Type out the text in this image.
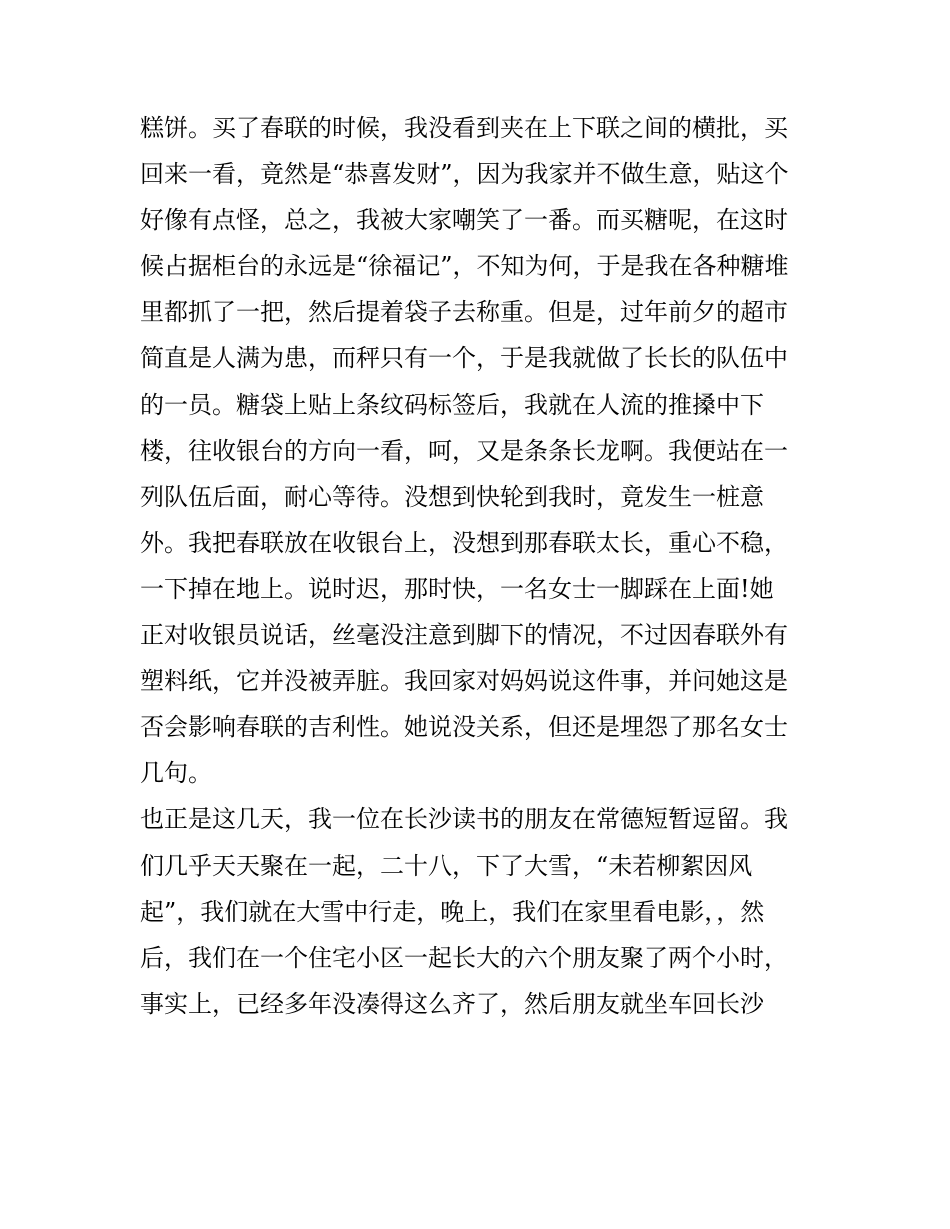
糕饼。买了春联的时候，我没看到夹在上下联之间的横批，买
回来一看，竟然是“恭喜发财”，因为我家并不做生意，贴这个
好像有点怪，总之，我被大家嘲笑了一番。而买糖呢，在这时
候占据柜台的永远是“徐福记”，不知为何，于是我在各种糖堆
里都抓了一把，然后提着袋子去称重。但是，过年前夕的超市
简直是人满为患，而秤只有一个，于是我就做了长长的队伍中
的一员。糖袋上贴上条纹码标签后，我就在人流的推搡中下
楼，往收银台的方向一看，呵，又是条条长龙啊。我便站在一
列队伍后面，耐心等待。没想到快轮到我时，竟发生一桩意
外。我把春联放在收银台上，没想到那春联太长，重心不稳，
一下掉在地上。说时迟，那时快，一名女士一脚踩在上面!她
正对收银员说话，丝毫没注意到脚下的情况，不过因春联外有
塑料纸，它并没被弄脏。我回家对妈妈说这件事，并问她这是
否会影响春联的吉利性。她说没关系，但还是埋怨了那名女士
几句。
也正是这几天，我一位在长沙读书的朋友在常德短暂逗留。我
们几乎天天聚在一起，二十八，下了大雪，“未若柳絮因风
起”，我们就在大雪中行走，晚上，我们在家里看电影，，然
后，我们在一个住宅小区一起长大的六个朋友聚了两个小时，
事实上，已经多年没凑得这么齐了，然后朋友就坐车回长沙
